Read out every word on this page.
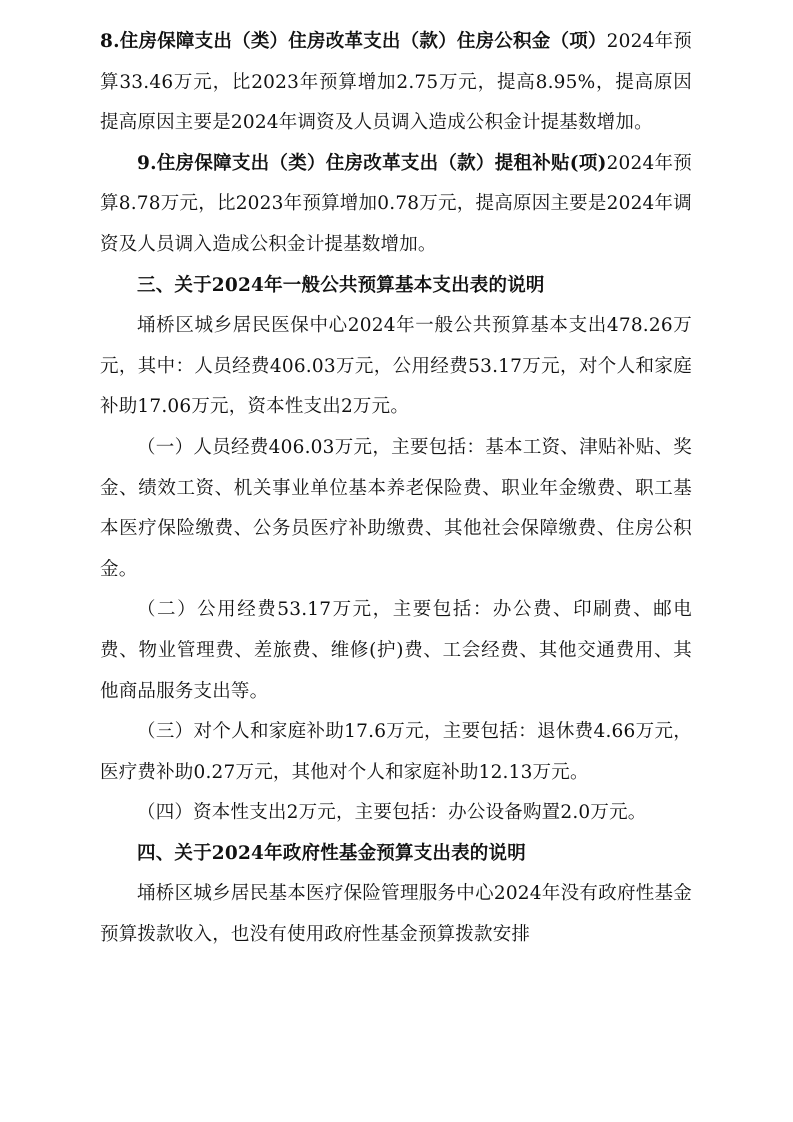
8.住房保障支出（类）住房改革支出（款）住房公积金（项）2024年预算33.46万元，比2023年预算增加2.75万元，提高8.95%，提高原因提高原因主要是2024年调资及人员调入造成公积金计提基数增加。

9.住房保障支出（类）住房改革支出（款）提租补贴(项)2024年预算8.78万元，比2023年预算增加0.78万元，提高原因主要是2024年调资及人员调入造成公积金计提基数增加。

三、关于2024年一般公共预算基本支出表的说明

埇桥区城乡居民医保中心2024年一般公共预算基本支出478.26万元，其中：人员经费406.03万元，公用经费53.17万元，对个人和家庭补助17.06万元，资本性支出2万元。

（一）人员经费406.03万元，主要包括：基本工资、津贴补贴、奖金、绩效工资、机关事业单位基本养老保险费、职业年金缴费、职工基本医疗保险缴费、公务员医疗补助缴费、其他社会保障缴费、住房公积金。

（二）公用经费53.17万元，主要包括：办公费、印刷费、邮电费、物业管理费、差旅费、维修(护)费、工会经费、其他交通费用、其他商品服务支出等。

（三）对个人和家庭补助17.6万元，主要包括：退休费4.66万元，医疗费补助0.27万元，其他对个人和家庭补助12.13万元。

（四）资本性支出2万元，主要包括：办公设备购置2.0万元。

四、关于2024年政府性基金预算支出表的说明

埇桥区城乡居民基本医疗保险管理服务中心2024年没有政府性基金预算拨款收入，也没有使用政府性基金预算拨款安排
